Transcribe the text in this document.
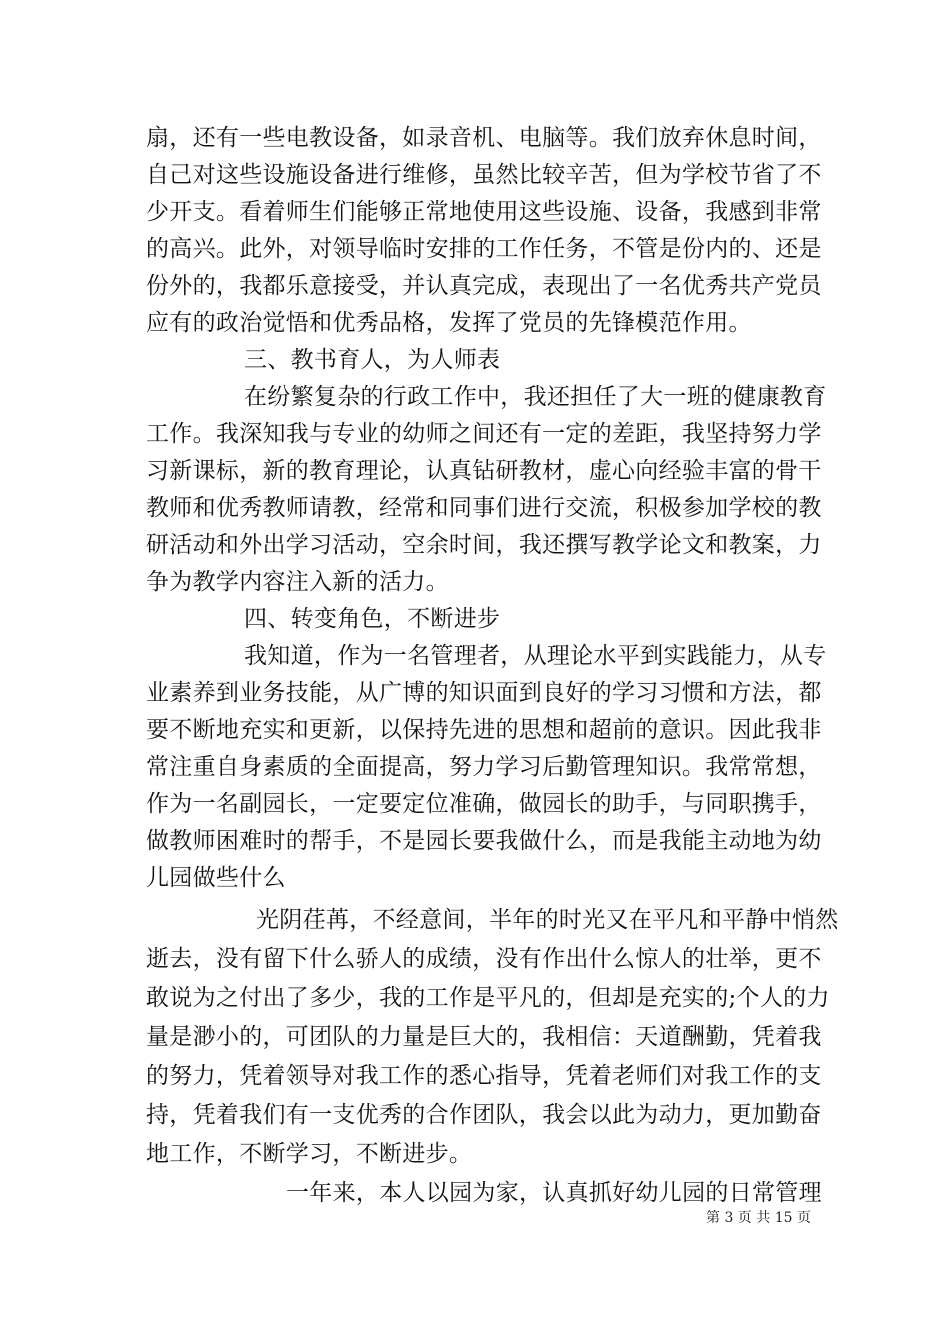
扇，还有一些电教设备，如录音机、电脑等。我们放弃休息时间，
自己对这些设施设备进行维修，虽然比较辛苦，但为学校节省了不
少开支。看着师生们能够正常地使用这些设施、设备，我感到非常
的高兴。此外，对领导临时安排的工作任务，不管是份内的、还是
份外的，我都乐意接受，并认真完成，表现出了一名优秀共产党员
应有的政治觉悟和优秀品格，发挥了党员的先锋模范作用。
三、教书育人，为人师表
在纷繁复杂的行政工作中，我还担任了大一班的健康教育
工作。我深知我与专业的幼师之间还有一定的差距，我坚持努力学
习新课标，新的教育理论，认真钻研教材，虚心向经验丰富的骨干
教师和优秀教师请教，经常和同事们进行交流，积极参加学校的教
研活动和外出学习活动，空余时间，我还撰写教学论文和教案，力
争为教学内容注入新的活力。
四、转变角色，不断进步
我知道，作为一名管理者，从理论水平到实践能力，从专
业素养到业务技能，从广博的知识面到良好的学习习惯和方法，都
要不断地充实和更新，以保持先进的思想和超前的意识。因此我非
常注重自身素质的全面提高，努力学习后勤管理知识。我常常想，
作为一名副园长，一定要定位准确，做园长的助手，与同职携手，
做教师困难时的帮手，不是园长要我做什么，而是我能主动地为幼
儿园做些什么
光阴荏苒，不经意间，半年的时光又在平凡和平静中悄然
逝去，没有留下什么骄人的成绩，没有作出什么惊人的壮举，更不
敢说为之付出了多少，我的工作是平凡的，但却是充实的;个人的力
量是渺小的，可团队的力量是巨大的，我相信：天道酬勤，凭着我
的努力，凭着领导对我工作的悉心指导，凭着老师们对我工作的支
持，凭着我们有一支优秀的合作团队，我会以此为动力，更加勤奋
地工作，不断学习，不断进步。
一年来，本人以园为家，认真抓好幼儿园的日常管理
第 3 页 共 15 页
